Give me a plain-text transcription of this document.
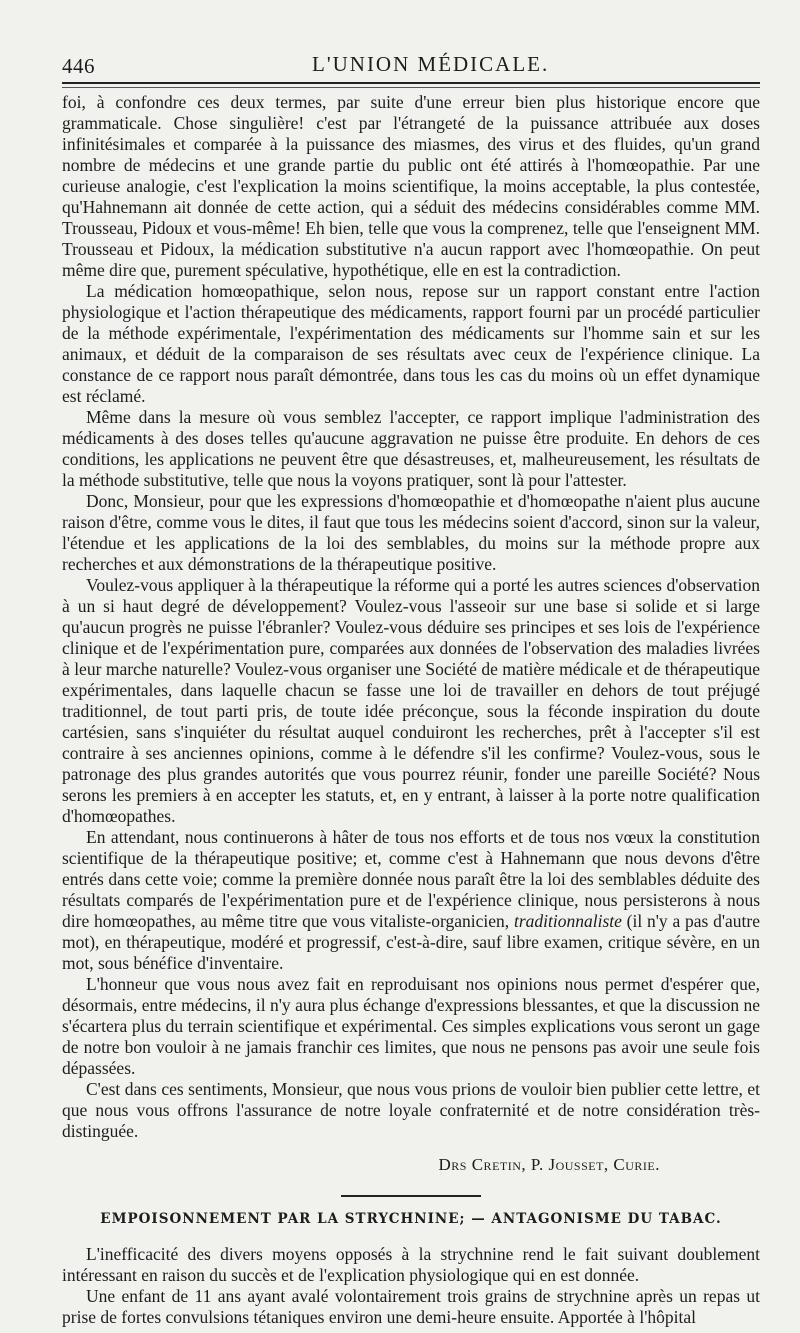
446	L'UNION MÉDICALE.

foi, à confondre ces deux termes, par suite d'une erreur bien plus historique encore que grammaticale. Chose singulière! c'est par l'étrangeté de la puissance attribuée aux doses infinitésimales et comparée à la puissance des miasmes, des virus et des fluides, qu'un grand nombre de médecins et une grande partie du public ont été attirés à l'homœopathie. Par une curieuse analogie, c'est l'explication la moins scientifique, la moins acceptable, la plus contestée, qu'Hahnemann ait donnée de cette action, qui a séduit des médecins considérables comme MM. Trousseau, Pidoux et vous-même! Eh bien, telle que vous la comprenez, telle que l'enseignent MM. Trousseau et Pidoux, la médication substitutive n'a aucun rapport avec l'homœopathie. On peut même dire que, purement spéculative, hypothétique, elle en est la contradiction.

La médication homœopathique, selon nous, repose sur un rapport constant entre l'action physiologique et l'action thérapeutique des médicaments, rapport fourni par un procédé particulier de la méthode expérimentale, l'expérimentation des médicaments sur l'homme sain et sur les animaux, et déduit de la comparaison de ses résultats avec ceux de l'expérience clinique. La constance de ce rapport nous paraît démontrée, dans tous les cas du moins où un effet dynamique est réclamé.

Même dans la mesure où vous semblez l'accepter, ce rapport implique l'administration des médicaments à des doses telles qu'aucune aggravation ne puisse être produite. En dehors de ces conditions, les applications ne peuvent être que désastreuses, et, malheureusement, les résultats de la méthode substitutive, telle que nous la voyons pratiquer, sont là pour l'attester.

Donc, Monsieur, pour que les expressions d'homœopathie et d'homœopathe n'aient plus aucune raison d'être, comme vous le dites, il faut que tous les médecins soient d'accord, sinon sur la valeur, l'étendue et les applications de la loi des semblables, du moins sur la méthode propre aux recherches et aux démonstrations de la thérapeutique positive.

Voulez-vous appliquer à la thérapeutique la réforme qui a porté les autres sciences d'observation à un si haut degré de développement? Voulez-vous l'asseoir sur une base si solide et si large qu'aucun progrès ne puisse l'ébranler? Voulez-vous déduire ses principes et ses lois de l'expérience clinique et de l'expérimentation pure, comparées aux données de l'observation des maladies livrées à leur marche naturelle? Voulez-vous organiser une Société de matière médicale et de thérapeutique expérimentales, dans laquelle chacun se fasse une loi de travailler en dehors de tout préjugé traditionnel, de tout parti pris, de toute idée préconçue, sous la féconde inspiration du doute cartésien, sans s'inquiéter du résultat auquel conduiront les recherches, prêt à l'accepter s'il est contraire à ses anciennes opinions, comme à le défendre s'il les confirme? Voulez-vous, sous le patronage des plus grandes autorités que vous pourrez réunir, fonder une pareille Société? Nous serons les premiers à en accepter les statuts, et, en y entrant, à laisser à la porte notre qualification d'homœopathes.

En attendant, nous continuerons à hâter de tous nos efforts et de tous nos vœux la constitution scientifique de la thérapeutique positive; et, comme c'est à Hahnemann que nous devons d'être entrés dans cette voie; comme la première donnée nous paraît être la loi des semblables déduite des résultats comparés de l'expérimentation pure et de l'expérience clinique, nous persisterons à nous dire homœopathes, au même titre que vous vitaliste-organicien, traditionnaliste (il n'y a pas d'autre mot), en thérapeutique, modéré et progressif, c'est-à-dire, sauf libre examen, critique sévère, en un mot, sous bénéfice d'inventaire.

L'honneur que vous nous avez fait en reproduisant nos opinions nous permet d'espérer que, désormais, entre médecins, il n'y aura plus échange d'expressions blessantes, et que la discussion ne s'écartera plus du terrain scientifique et expérimental. Ces simples explications vous seront un gage de notre bon vouloir à ne jamais franchir ces limites, que nous ne pensons pas avoir une seule fois dépassées.

C'est dans ces sentiments, Monsieur, que nous vous prions de vouloir bien publier cette lettre, et que nous vous offrons l'assurance de notre loyale confraternité et de notre considération très-distinguée.

Drs Cretin, P. Jousset, Curie.
EMPOISONNEMENT PAR LA STRYCHNINE; — ANTAGONISME DU TABAC.

L'inefficacité des divers moyens opposés à la strychnine rend le fait suivant doublement intéressant en raison du succès et de l'explication physiologique qui en est donnée.

Une enfant de 11 ans ayant avalé volontairement trois grains de strychnine après un repas ut prise de fortes convulsions tétaniques environ une demi-heure ensuite. Apportée à l'hôpital
